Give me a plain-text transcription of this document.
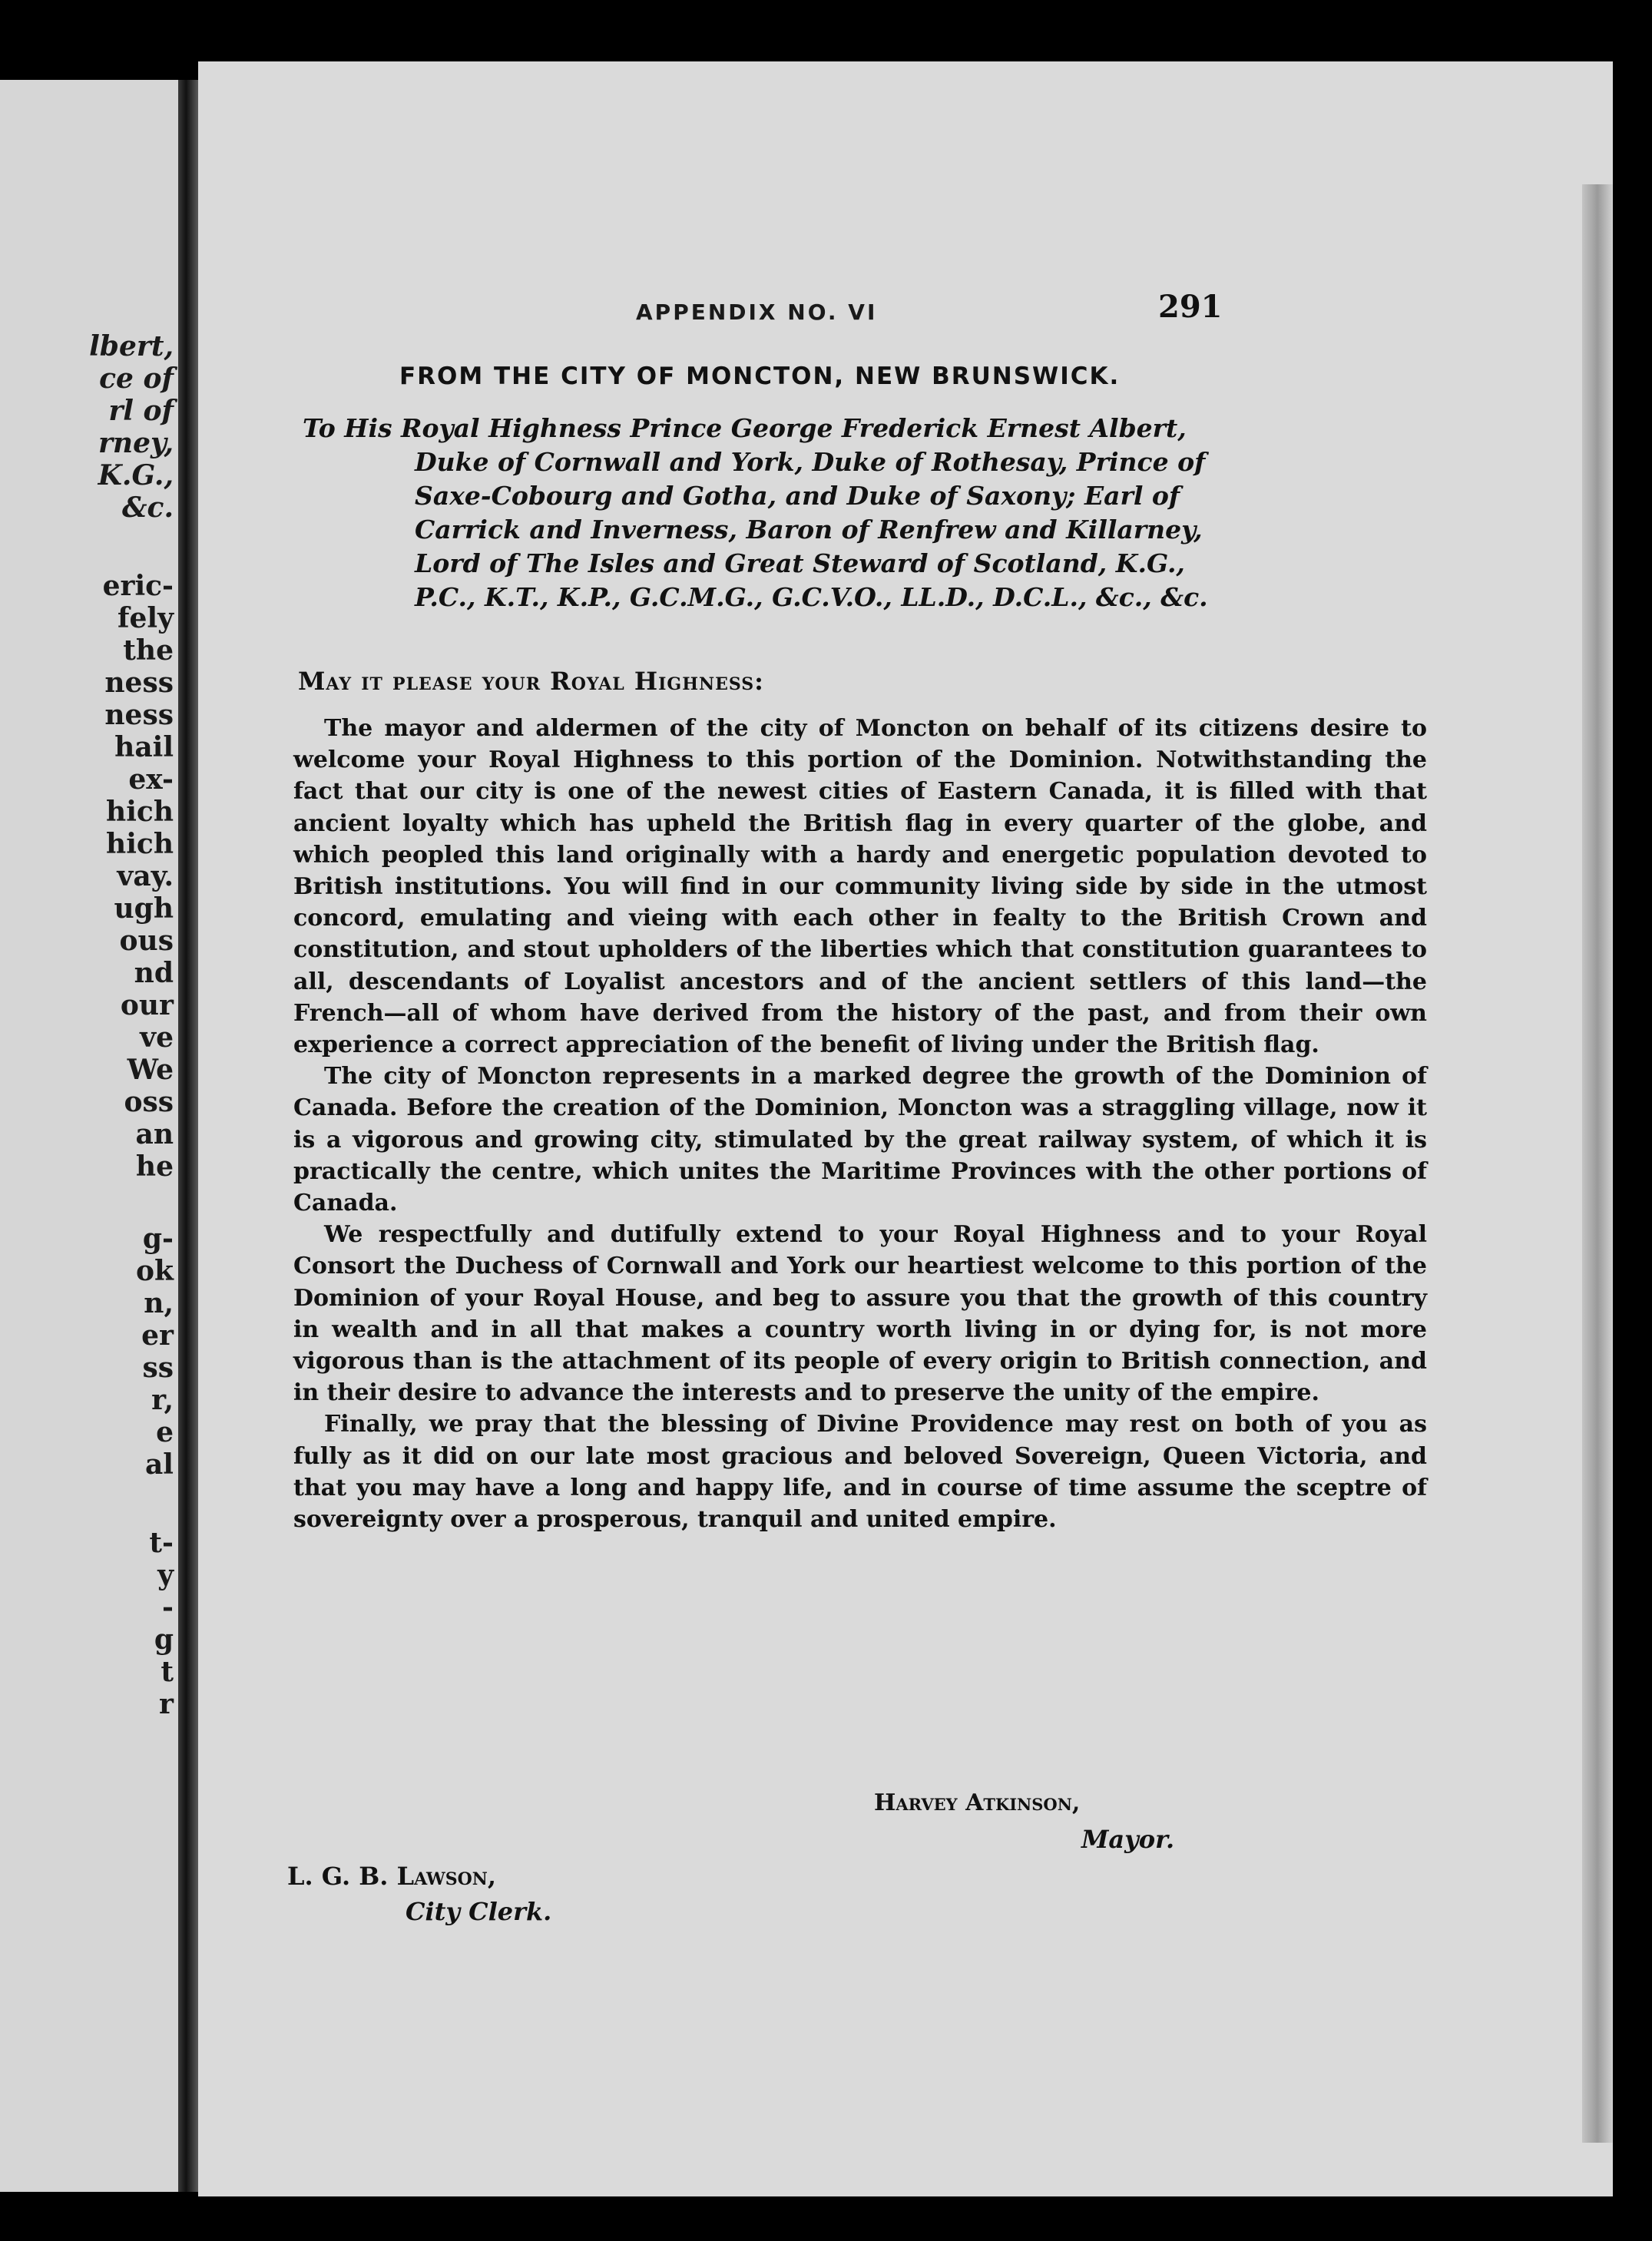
lbert,
ce of
rl of
rney,
K.G.,
&c.
eric-
fely
the
ness
ness
hail
ex-
hich
hich
vay.
ugh
ous
nd
our
ve
We
oss
an
he
g-
ok
n,
er
ss
r,
e
al
t-
y
-
g
t
r
APPENDIX NO. VI	291
FROM THE CITY OF MONCTON, NEW BRUNSWICK.
To His Royal Highness Prince George Frederick Ernest Albert,
Duke of Cornwall and York, Duke of Rothesay, Prince of
Saxe-Cobourg and Gotha, and Duke of Saxony; Earl of
Carrick and Inverness, Baron of Renfrew and Killarney,
Lord of The Isles and Great Steward of Scotland, K.G.,
P.C., K.T., K.P., G.C.M.G., G.C.V.O., LL.D., D.C.L., &c., &c.
May it please your Royal Highness:

The mayor and aldermen of the city of Moncton on behalf of its citizens desire to welcome your Royal Highness to this portion of the Dominion. Notwithstanding the fact that our city is one of the newest cities of Eastern Canada, it is filled with that ancient loyalty which has upheld the British flag in every quarter of the globe, and which peopled this land originally with a hardy and energetic population devoted to British institutions. You will find in our community living side by side in the utmost concord, emulating and vieing with each other in fealty to the British Crown and constitution, and stout upholders of the liberties which that constitution guarantees to all, descendants of Loyalist ancestors and of the ancient settlers of this land—the French—all of whom have derived from the history of the past, and from their own experience a correct appreciation of the benefit of living under the British flag.

The city of Moncton represents in a marked degree the growth of the Dominion of Canada. Before the creation of the Dominion, Moncton was a straggling village, now it is a vigorous and growing city, stimulated by the great railway system, of which it is practically the centre, which unites the Maritime Provinces with the other portions of Canada.

We respectfully and dutifully extend to your Royal Highness and to your Royal Consort the Duchess of Cornwall and York our heartiest welcome to this portion of the Dominion of your Royal House, and beg to assure you that the growth of this country in wealth and in all that makes a country worth living in or dying for, is not more vigorous than is the attachment of its people of every origin to British connection, and in their desire to advance the interests and to preserve the unity of the empire.

Finally, we pray that the blessing of Divine Providence may rest on both of you as fully as it did on our late most gracious and beloved Sovereign, Queen Victoria, and that you may have a long and happy life, and in course of time assume the sceptre of sovereignty over a prosperous, tranquil and united empire.

Harvey Atkinson,
Mayor.
L. G. B. Lawson,
City Clerk.
